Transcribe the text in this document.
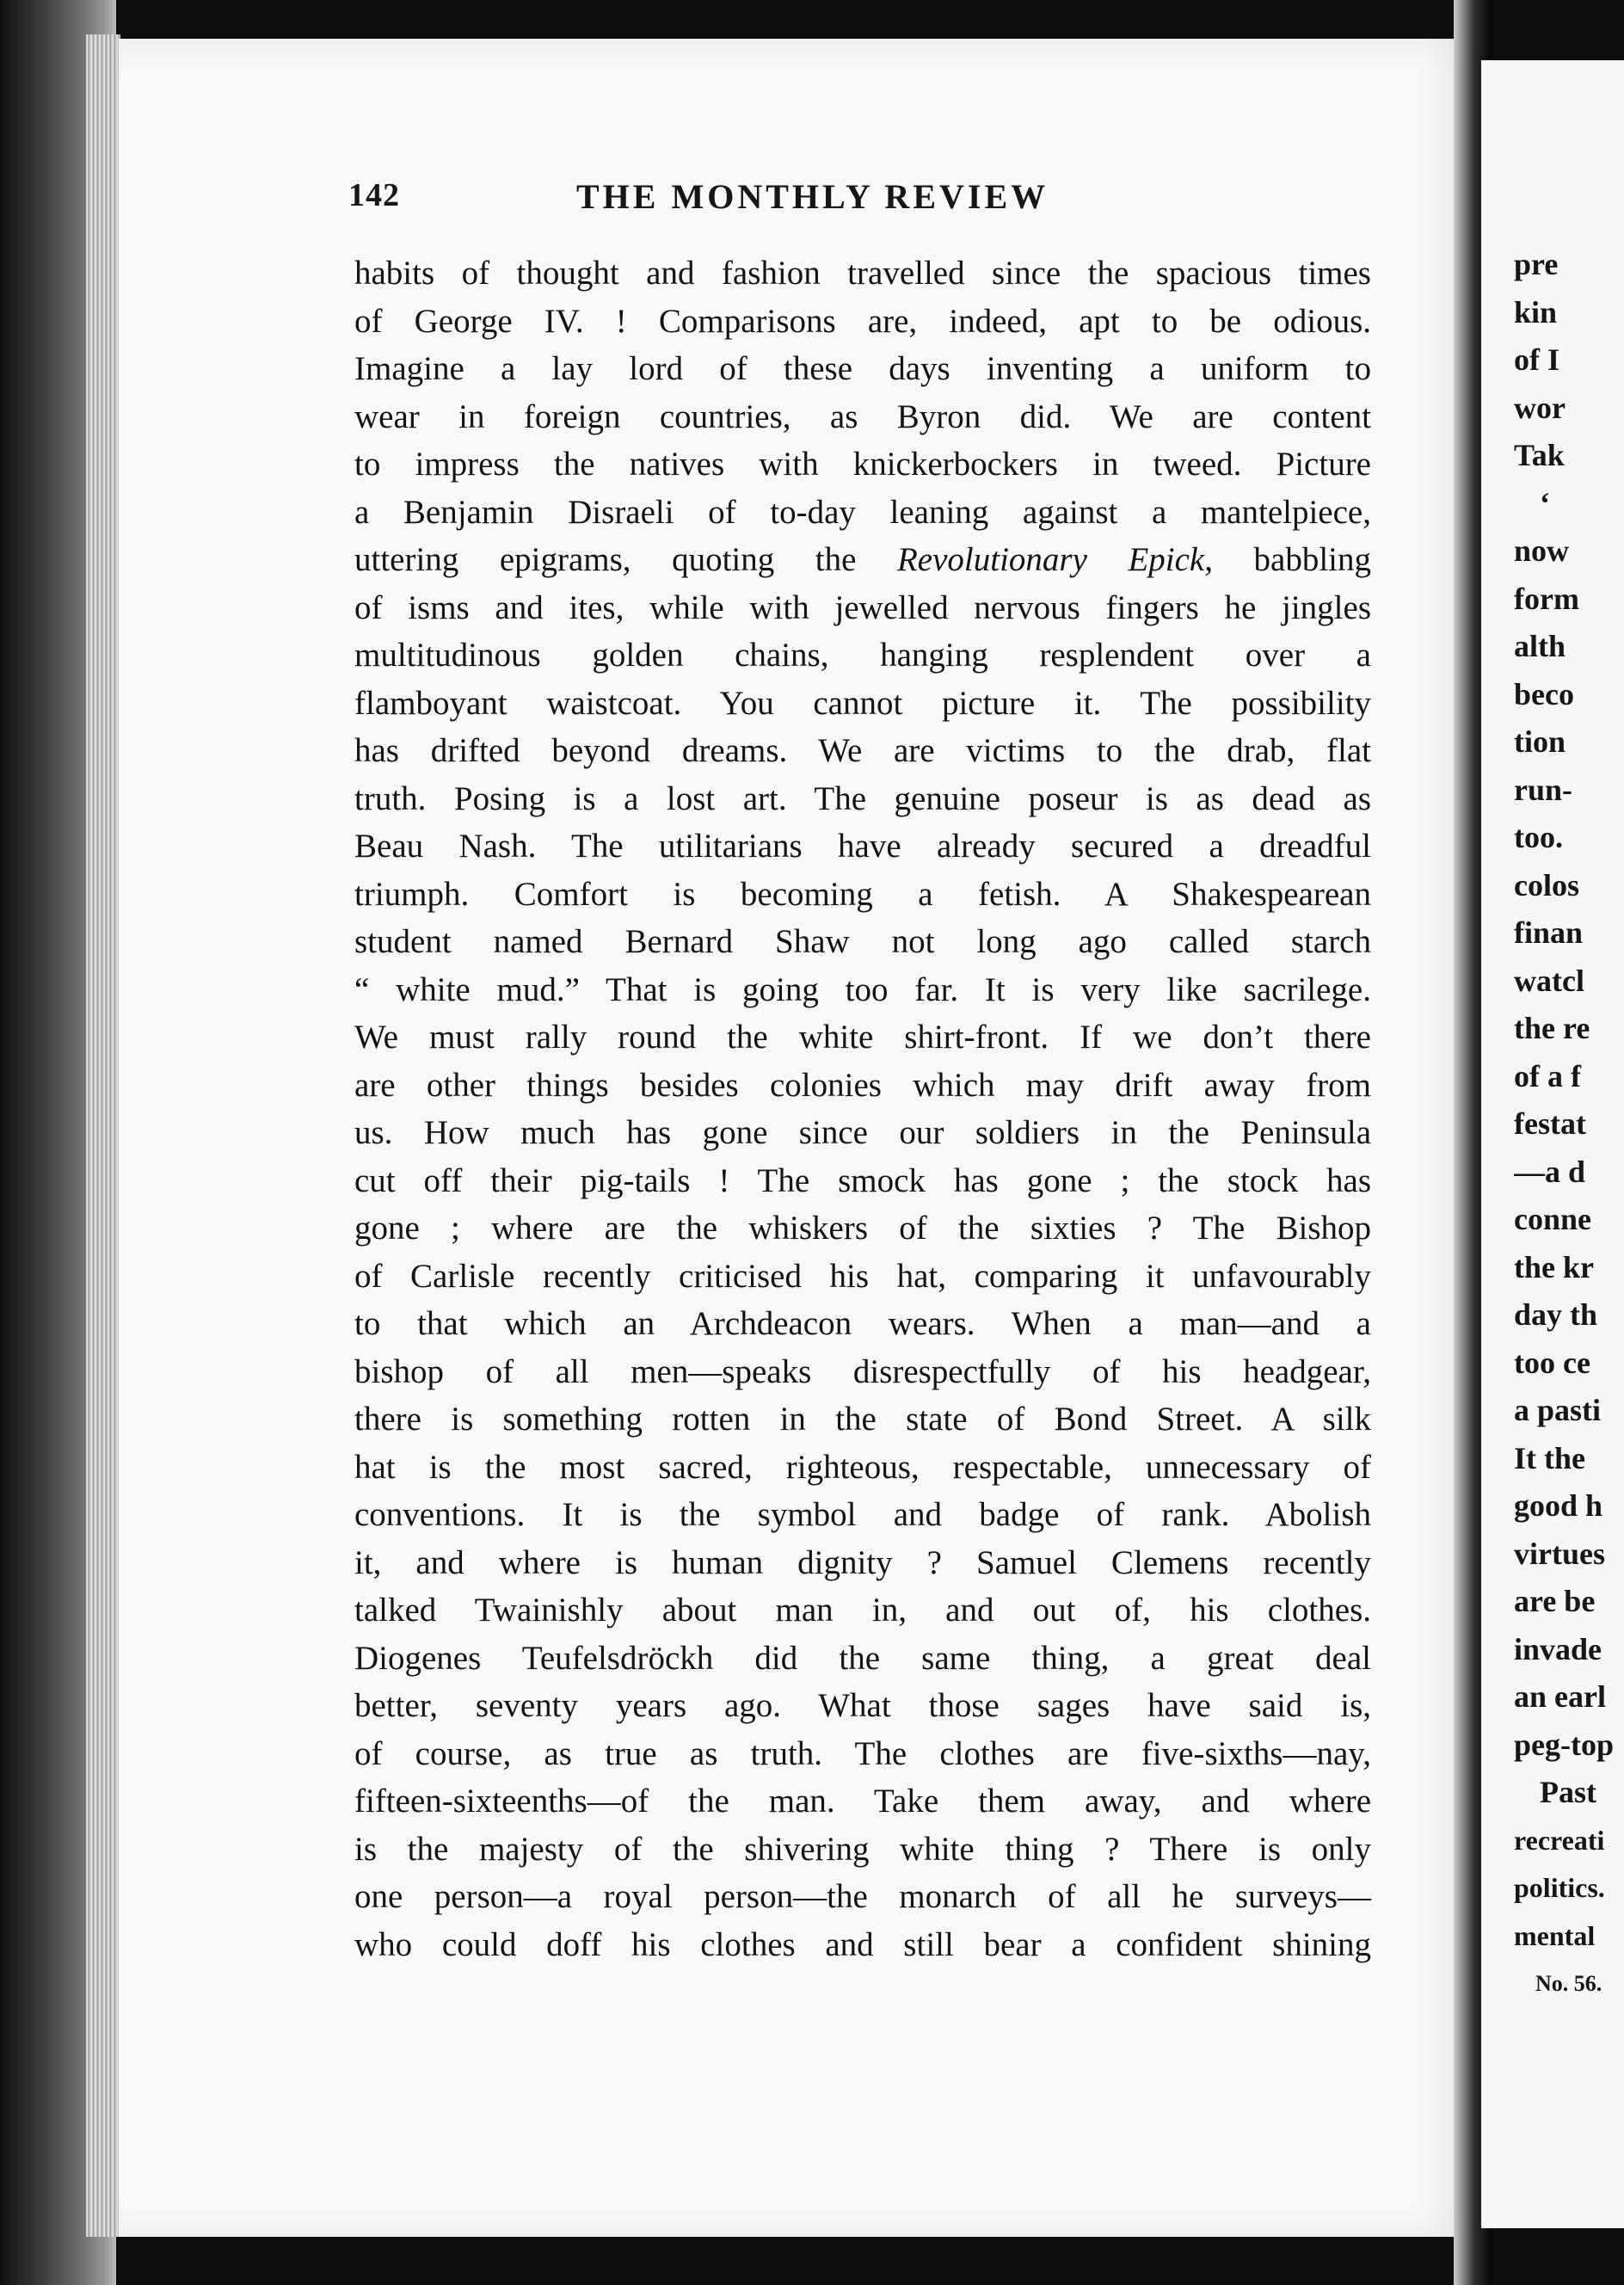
142	THE MONTHLY REVIEW
habits of thought and fashion travelled since the spacious times
of George IV. ! Comparisons are, indeed, apt to be odious.
Imagine a lay lord of these days inventing a uniform to
wear in foreign countries, as Byron did. We are content
to impress the natives with knickerbockers in tweed. Picture
a Benjamin Disraeli of to-day leaning against a mantelpiece,
uttering epigrams, quoting the Revolutionary Epick, babbling
of isms and ites, while with jewelled nervous fingers he jingles
multitudinous golden chains, hanging resplendent over a
flamboyant waistcoat. You cannot picture it. The possibility
has drifted beyond dreams. We are victims to the drab, flat
truth. Posing is a lost art. The genuine poseur is as dead as
Beau Nash. The utilitarians have already secured a dreadful
triumph. Comfort is becoming a fetish. A Shakespearean
student named Bernard Shaw not long ago called starch
“ white mud.” That is going too far. It is very like sacrilege.
We must rally round the white shirt-front. If we don’t there
are other things besides colonies which may drift away from
us. How much has gone since our soldiers in the Peninsula
cut off their pig-tails ! The smock has gone ; the stock has
gone ; where are the whiskers of the sixties ? The Bishop
of Carlisle recently criticised his hat, comparing it unfavourably
to that which an Archdeacon wears. When a man—and a
bishop of all men—speaks disrespectfully of his headgear,
there is something rotten in the state of Bond Street. A silk
hat is the most sacred, righteous, respectable, unnecessary of
conventions. It is the symbol and badge of rank. Abolish
it, and where is human dignity ? Samuel Clemens recently
talked Twainishly about man in, and out of, his clothes.
Diogenes Teufelsdröckh did the same thing, a great deal
better, seventy years ago. What those sages have said is,
of course, as true as truth. The clothes are five-sixths—nay,
fifteen-sixteenths—of the man. Take them away, and where
is the majesty of the shivering white thing ? There is only
one person—a royal person—the monarch of all he surveys—
who could doff his clothes and still bear a confident shining
pre
kin
of I
wor
Tak
‘
now
form
alth
beco
tion
run-
too.
colos
finan
watcl
the re
of a f
festat
—a d
conne
the kr
day th
too ce
a pasti
It the
good h
virtues
are be
invade
an earl
peg-top
Past
recreati
politics.
mental
No. 56.
